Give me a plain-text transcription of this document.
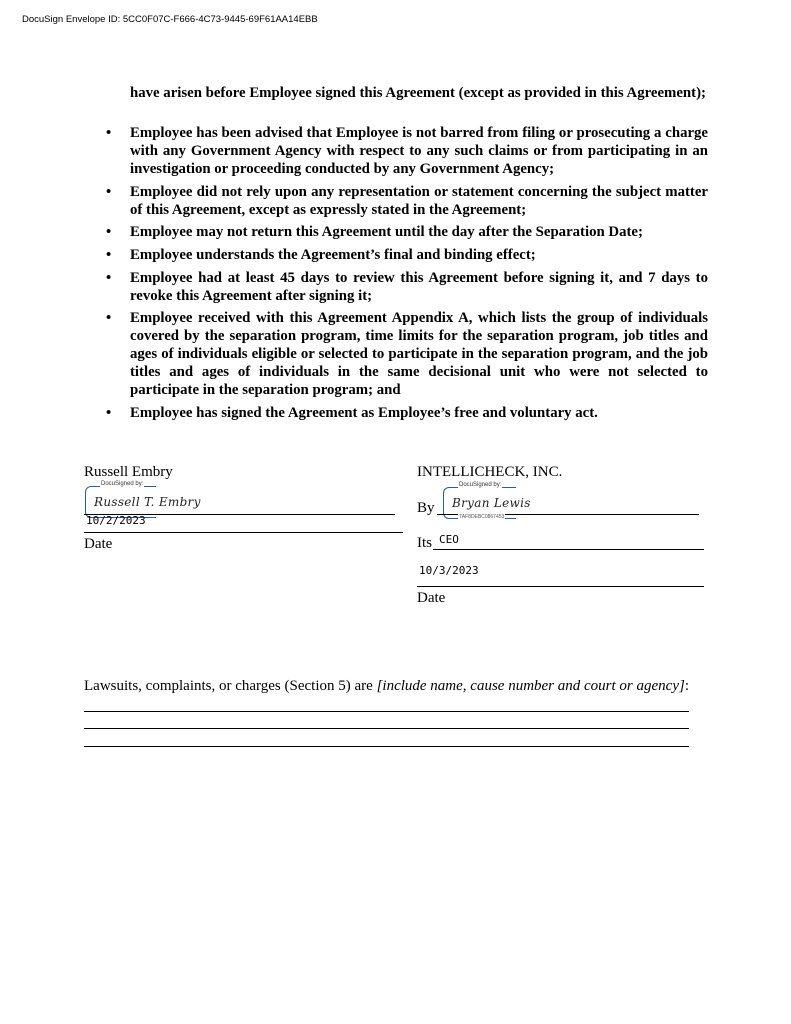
DocuSign Envelope ID: 5CC0F07C-F666-4C73-9445-69F61AA14EBB
have arisen before Employee signed this Agreement (except as provided in this Agreement);
• Employee has been advised that Employee is not barred from filing or prosecuting a charge with any Government Agency with respect to any such claims or from participating in an investigation or proceeding conducted by any Government Agency;
• Employee did not rely upon any representation or statement concerning the subject matter of this Agreement, except as expressly stated in the Agreement;
• Employee may not return this Agreement until the day after the Separation Date;
• Employee understands the Agreement’s final and binding effect;
• Employee had at least 45 days to review this Agreement before signing it, and 7 days to revoke this Agreement after signing it;
• Employee received with this Agreement Appendix A, which lists the group of individuals covered by the separation program, time limits for the separation program, job titles and ages of individuals eligible or selected to participate in the separation program, and the job titles and ages of individuals in the same decisional unit who were not selected to participate in the separation program; and
• Employee has signed the Agreement as Employee’s free and voluntary act.
Russell Embry
DocuSigned by:
Russell T. Embry
10/2/2023
Date
INTELLICHECK, INC.
By
DocuSigned by:
Bryan Lewis
7AF8DEBC0867453
Its CEO
10/3/2023
Date
Lawsuits, complaints, or charges (Section 5) are [include name, cause number and court or agency]:
